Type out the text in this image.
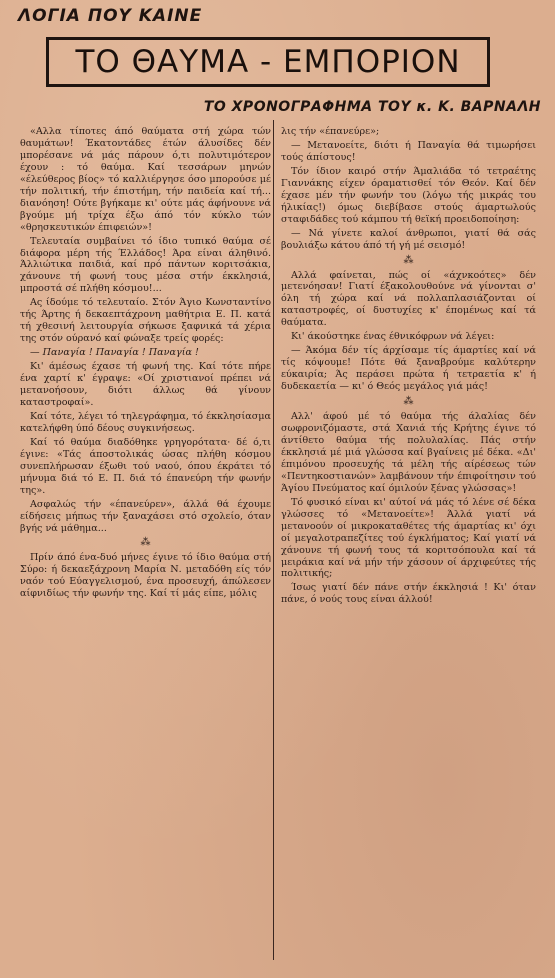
ΛΟΓΙΑ ΠΟΥ ΚΑΙΝΕ
ΤΟ ΘΑΥΜΑ - ΕΜΠΟΡΙΟΝ
ΤΟ ΧΡΟΝΟΓΡΑΦΗΜΑ ΤΟΥ κ. Κ. ΒΑΡΝΑΛΗ

«Αλλα τίποτες άπό θαύματα στή χώρα τών θαυμάτων! Έκατοντάδες έτών άλυσίδες δέν μπορέσανε νά μάς πάρουν ό,τι πολυτιμότερον έχουν : τό θαύμα. Καί τεσσάρων μηνών «έλεύθερος βίος» τό καλλιέργησε όσο μπορούσε μέ τήν πολιτική, τήν έπιστήμη, τήν παιδεία καί τή... διανόηση! Ούτε βγήκαμε κι' ούτε μάς άφήνουνε νά βγούμε μή τρίχα έξω άπό τόν κύκλο τών «θρησκευτικών έπιφειών»!

Τελευταία συμβαίνει τό ίδιο τυπικό θαύμα σέ διάφορα μέρη τής Έλλάδος! Άρα είναι άληθινό. Άλλιώτικα παιδιά, καί πρό πάντων κοριτσάκια, χάνουνε τή φωνή τους μέσα στήν έκκλησιά, μπροστά σέ πλήθη κόσμου!...

Ας ίδούμε τό τελευταίο. Στόν Άγιο Κωνσταντίνο τής Άρτης ή δεκαεπτάχρονη μαθήτρια Ε. Π. κατά τή χθεσινή λειτουργία σήκωσε ξαφνικά τά χέρια της στόν ούρανό καί φώναξε τρείς φορές:

— Παναγία ! Παναγία ! Παναγία !

Κι' άμέσως έχασε τή φωνή της. Καί τότε πήρε ένα χαρτί κ' έγραψε: «Οί χριστιανοί πρέπει νά μετανοήσουν, διότι άλλως θά γίνουν καταστροφαί».

Καί τότε, λέγει τό τηλεγράφημα, τό έκκλησίασμα κατελήφθη ύπό δέους συγκινήσεως.

Καί τό θαύμα διαδόθηκε γρηγορότατα· δέ ό,τι έγινε: «Τάς άποστολικάς ώσας πλήθη κόσμου συνεπλήρωσαν έξωθι τού ναού, όπου έκράτει τό μήνυμα διά τό Ε. Π. διά τό έπανεύρη τήν φωνήν της».

Ασφαλώς τήν «έπανεύρεν», άλλά θά έχουμε είδήσεις μήπως τήν ξαναχάσει στό σχολείο, όταν βγής νά μάθημα...

⁂

Πρίν άπό ένα-δυό μήνες έγινε τό ίδιο θαύμα στή Σύρο: ή δεκαεξάχρονη Μαρία Ν. μεταδόθη είς τόν ναόν τού Εύαγγελισμού, ένα προσευχή, άπώλεσεν αίφνιδίως τήν φωνήν της. Καί τί μάς είπε, μόλις

λις τήν «έπανεύρε»;

— Μετανοείτε, διότι ή Παναγία θά τιμωρήσει τούς άπίστους!

Τόν ίδιον καιρό στήν Άμαλιάδα τό τετραέτης Γιαννάκης είχεν όραματισθεί τόν Θεόν. Καί δέν έχασε μέν τήν φωνήν του (λόγω τής μικράς του ήλικίας!) όμως διεβίβασε στούς άμαρτωλούς σταφιδάδες τού κάμπου τή θεϊκή προειδοποίηση:

— Νά γίνετε καλοί άνθρωποι, γιατί θά σάς βουλιάξω κάτου άπό τή γή μέ σεισμό!

⁂

Αλλά φαίνεται, πώς οί «άχνκοότες» δέν μετενόησαν! Γιατί έξακολουθούνε νά γίνονται σ' όλη τή χώρα καί νά πολλαπλασιάζονται οί καταστροφές, οί δυστυχίες κ' έπομένως καί τά θαύματα.

Κι' άκούστηκε ένας έθνικόφρων νά λέγει:

— Άκόμα δέν τίς άρχίσαμε τίς άμαρτίες καί νά τίς κόψουμε! Πότε θά ξαναβρούμε καλύτερην εύκαιρία; Άς περάσει πρώτα ή τετραετία κ' ή δυδεκαετία — κι' ό Θεός μεγάλος γιά μάς!

⁂

Αλλ' άφού μέ τό θαύμα τής άλαλίας δέν σωφρονιζόμαστε, στά Χανιά τής Κρήτης έγινε τό άντίθετο θαύμα τής πολυλαλίας. Πάς στήν έκκλησιά μέ μιά γλώσσα καί βγαίνεις μέ δέκα. «Δι' έπιμόνου προσευχής τά μέλη τής αίρέσεως τών «Πεντηκοστιανών» λαμβάνουν τήν έπιφοίτησιν τού Άγίου Πνεύματος καί όμιλούν ξένας γλώσσας»!

Τό φυσικό είναι κι' αύτοί νά μάς τό λένε σέ δέκα γλώσσες τό «Μετανοείτε»! Άλλά γιατί νά μετανοούν οί μικροκαταθέτες τής άμαρτίας κι' όχι οί μεγαλοτραπεζίτες τού έγκλήματος; Καί γιατί νά χάνουνε τή φωνή τους τά κοριτσόπουλα καί τά μειράκια καί νά μήν τήν χάσουν οί άρχιφεύτες τής πολιτικής;

Ίσως γιατί δέν πάνε στήν έκκλησιά ! Κι' όταν πάνε, ό νούς τους είναι άλλού!
